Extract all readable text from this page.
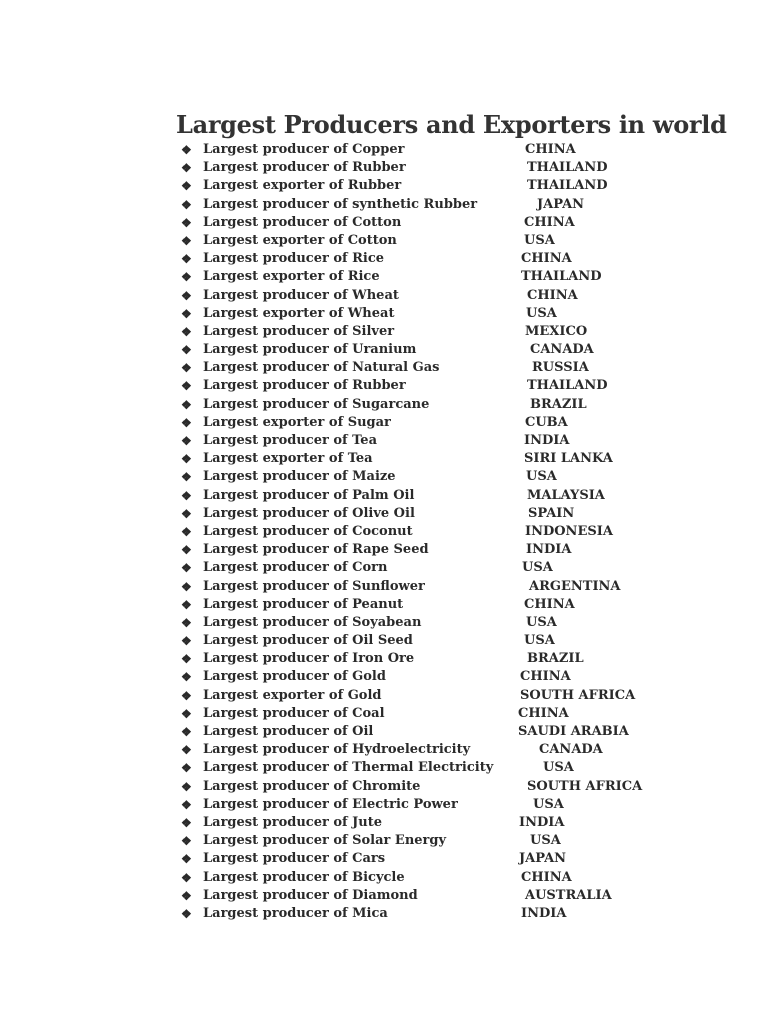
Largest Producers and Exporters in world
❖ Largest producer of Copper	CHINA
❖ Largest producer of Rubber	THAILAND
❖ Largest exporter of Rubber	THAILAND
❖ Largest producer of synthetic Rubber	JAPAN
❖ Largest producer of Cotton	CHINA
❖ Largest exporter of Cotton	USA
❖ Largest producer of Rice	CHINA
❖ Largest exporter of Rice	THAILAND
❖ Largest producer of Wheat	CHINA
❖ Largest exporter of Wheat	USA
❖ Largest producer of Silver	MEXICO
❖ Largest producer of Uranium	CANADA
❖ Largest producer of Natural Gas	RUSSIA
❖ Largest producer of Rubber	THAILAND
❖ Largest producer of Sugarcane	BRAZIL
❖ Largest exporter of Sugar	CUBA
❖ Largest producer of Tea	INDIA
❖ Largest exporter of Tea	SIRI LANKA
❖ Largest producer of Maize	USA
❖ Largest producer of Palm Oil	MALAYSIA
❖ Largest producer of Olive Oil	SPAIN
❖ Largest producer of Coconut	INDONESIA
❖ Largest producer of Rape Seed	INDIA
❖ Largest producer of Corn	USA
❖ Largest producer of Sunflower	ARGENTINA
❖ Largest producer of Peanut	CHINA
❖ Largest producer of Soyabean	USA
❖ Largest producer of Oil Seed	USA
❖ Largest producer of Iron Ore	BRAZIL
❖ Largest producer of Gold	CHINA
❖ Largest exporter of Gold	SOUTH AFRICA
❖ Largest producer of Coal	CHINA
❖ Largest producer of Oil	SAUDI ARABIA
❖ Largest producer of Hydroelectricity	CANADA
❖ Largest producer of Thermal Electricity	USA
❖ Largest producer of Chromite	SOUTH AFRICA
❖ Largest producer of Electric Power	USA
❖ Largest producer of Jute	INDIA
❖ Largest producer of Solar Energy	USA
❖ Largest producer of Cars	JAPAN
❖ Largest producer of Bicycle	CHINA
❖ Largest producer of Diamond	AUSTRALIA
❖ Largest producer of Mica	INDIA
